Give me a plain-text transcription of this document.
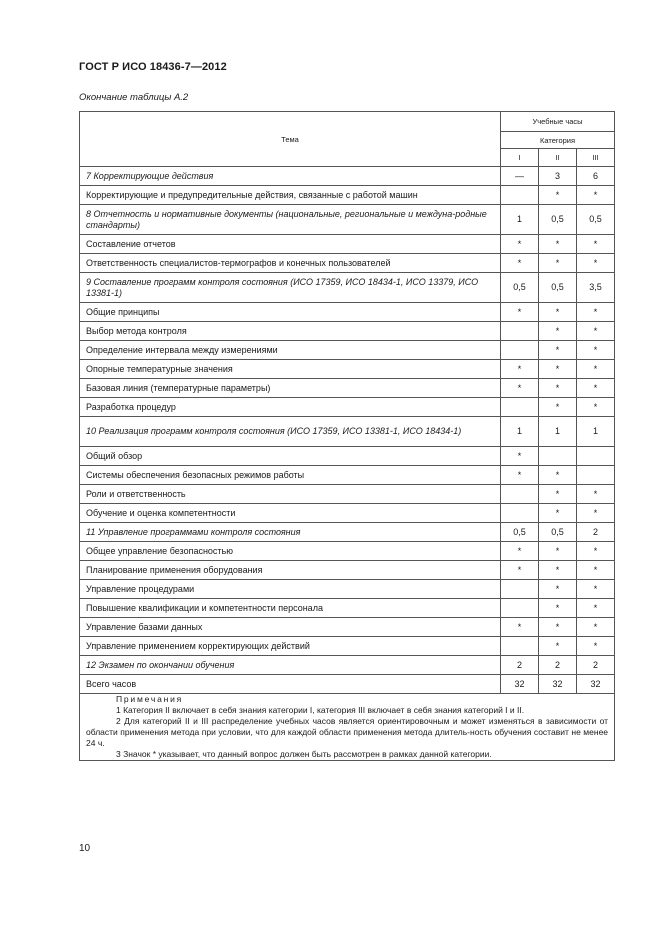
ГОСТ Р ИСО 18436-7—2012
Окончание таблицы А.2
Тема	Учебные часы		
	Категория		
	I	II	III
7 Корректирующие действия	—	3	6
Корректирующие и предупредительные действия, связанные с работой машин		*	*
8 Отчетность и нормативные документы (национальные, региональные и междуна-родные стандарты)	1	0,5	0,5
Составление отчетов	*	*	*
Ответственность специалистов-термографов и конечных пользователей	*	*	*
9 Составление программ контроля состояния (ИСО 17359, ИСО 18434-1, ИСО 13379, ИСО 13381-1)	0,5	0,5	3,5
Общие принципы	*	*	*
Выбор метода контроля		*	*
Определение интервала между измерениями		*	*
Опорные температурные значения	*	*	*
Базовая линия (температурные параметры)	*	*	*
Разработка процедур		*	*
10 Реализация программ контроля состояния (ИСО 17359, ИСО 13381-1, ИСО 18434-1)	1	1	1
Общий обзор	*		
Системы обеспечения безопасных режимов работы	*	*	
Роли и ответственность		*	*
Обучение и оценка компетентности		*	*
11 Управление программами контроля состояния	0,5	0,5	2
Общее управление безопасностью	*	*	*
Планирование применения оборудования	*	*	*
Управление процедурами		*	*
Повышение квалификации и компетентности персонала		*	*
Управление базами данных	*	*	*
Управление применением корректирующих действий		*	*
12 Экзамен по окончании обучения	2	2	2
Всего часов	32	32	32

Примечания
1 Категория II включает в себя знания категории I, категория III включает в себя знания категорий I и II.
2 Для категорий II и III распределение учебных часов является ориентировочным и может изменяться в зависимости от области применения метода при условии, что для каждой области применения метода длитель-ность обучения составит не менее 24 ч.
3 Значок * указывает, что данный вопрос должен быть рассмотрен в рамках данной категории.			
10
